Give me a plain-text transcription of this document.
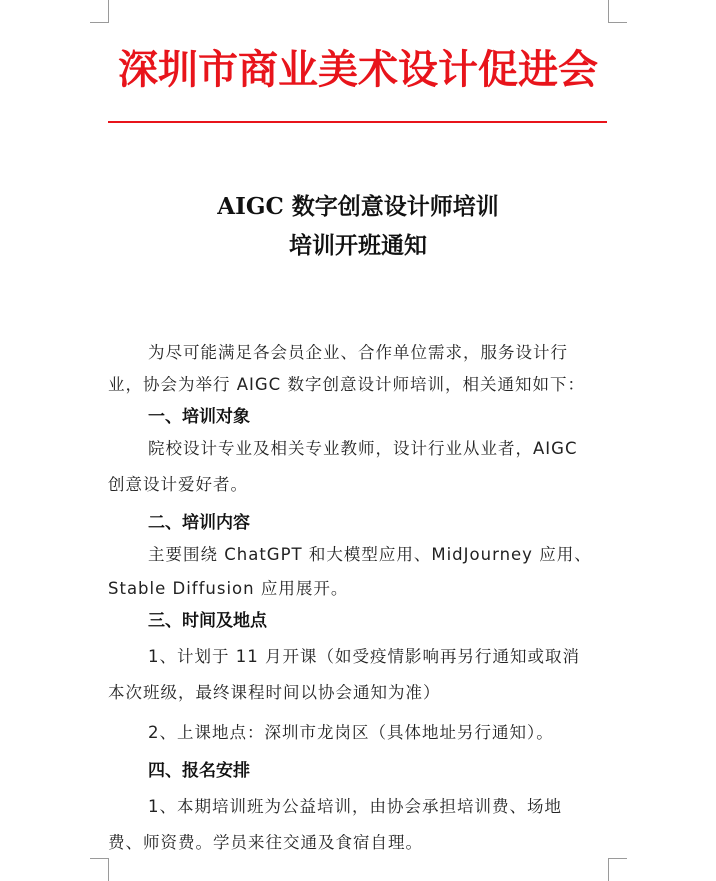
深圳市商业美术设计促进会
AIGC 数字创意设计师培训
培训开班通知

为尽可能满足各会员企业、合作单位需求，服务设计行

业，协会为举行 AIGC 数字创意设计师培训，相关通知如下：

一、培训对象

院校设计专业及相关专业教师，设计行业从业者，AIGC

创意设计爱好者。

二、培训内容

主要围绕 ChatGPT 和大模型应用、MidJourney 应用、

Stable Diffusion 应用展开。

三、时间及地点

1、计划于 11 月开课（如受疫情影响再另行通知或取消

本次班级，最终课程时间以协会通知为准）

2、上课地点：深圳市龙岗区（具体地址另行通知）。

四、报名安排

1、本期培训班为公益培训，由协会承担培训费、场地

费、师资费。学员来往交通及食宿自理。
